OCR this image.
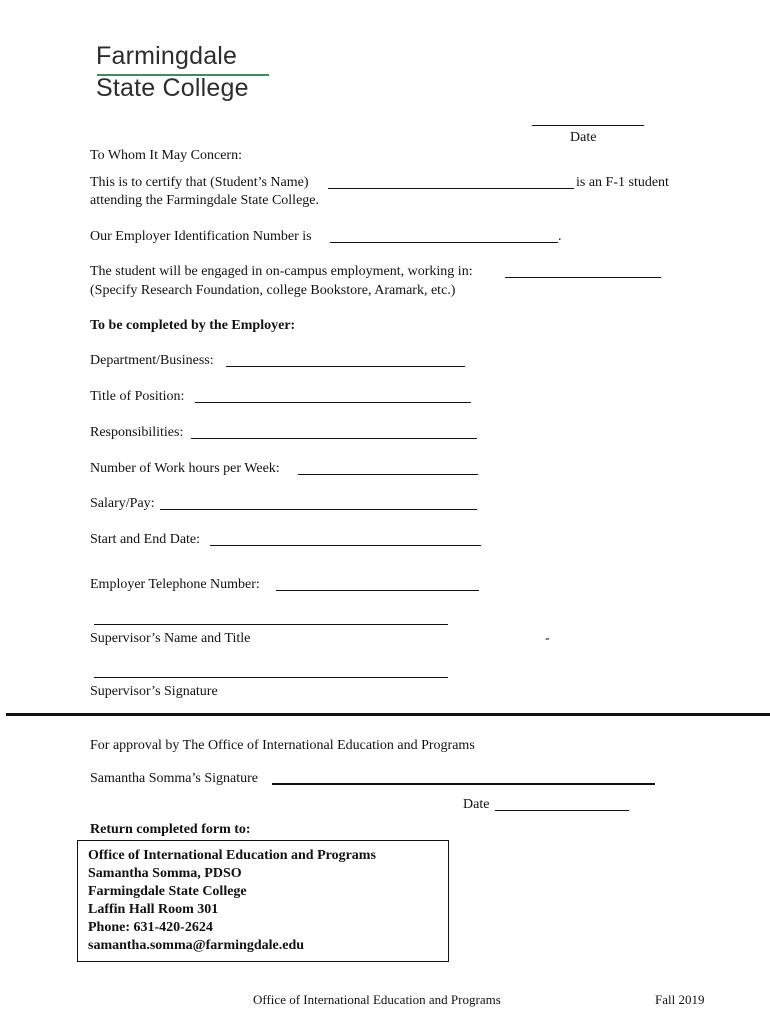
Farmingdale
State College
Date
To Whom It May Concern:
This is to certify that (Student’s Name)	is an F-1 student
attending the Farmingdale State College.
Our Employer Identification Number is	.
The student will be engaged in on-campus employment, working in:
(Specify Research Foundation, college Bookstore, Aramark, etc.)
To be completed by the Employer:
Department/Business:
Title of Position:
Responsibilities:
Number of Work hours per Week:
Salary/Pay:
Start and End Date:
Employer Telephone Number:
Supervisor’s Name and Title	-
Supervisor’s Signature
For approval by The Office of International Education and Programs
Samantha Somma’s Signature
Date
Return completed form to:
Office of International Education and Programs
Samantha Somma, PDSO
Farmingdale State College
Laffin Hall Room 301
Phone: 631-420-2624
samantha.somma@farmingdale.edu
Office of International Education and Programs	Fall 2019
